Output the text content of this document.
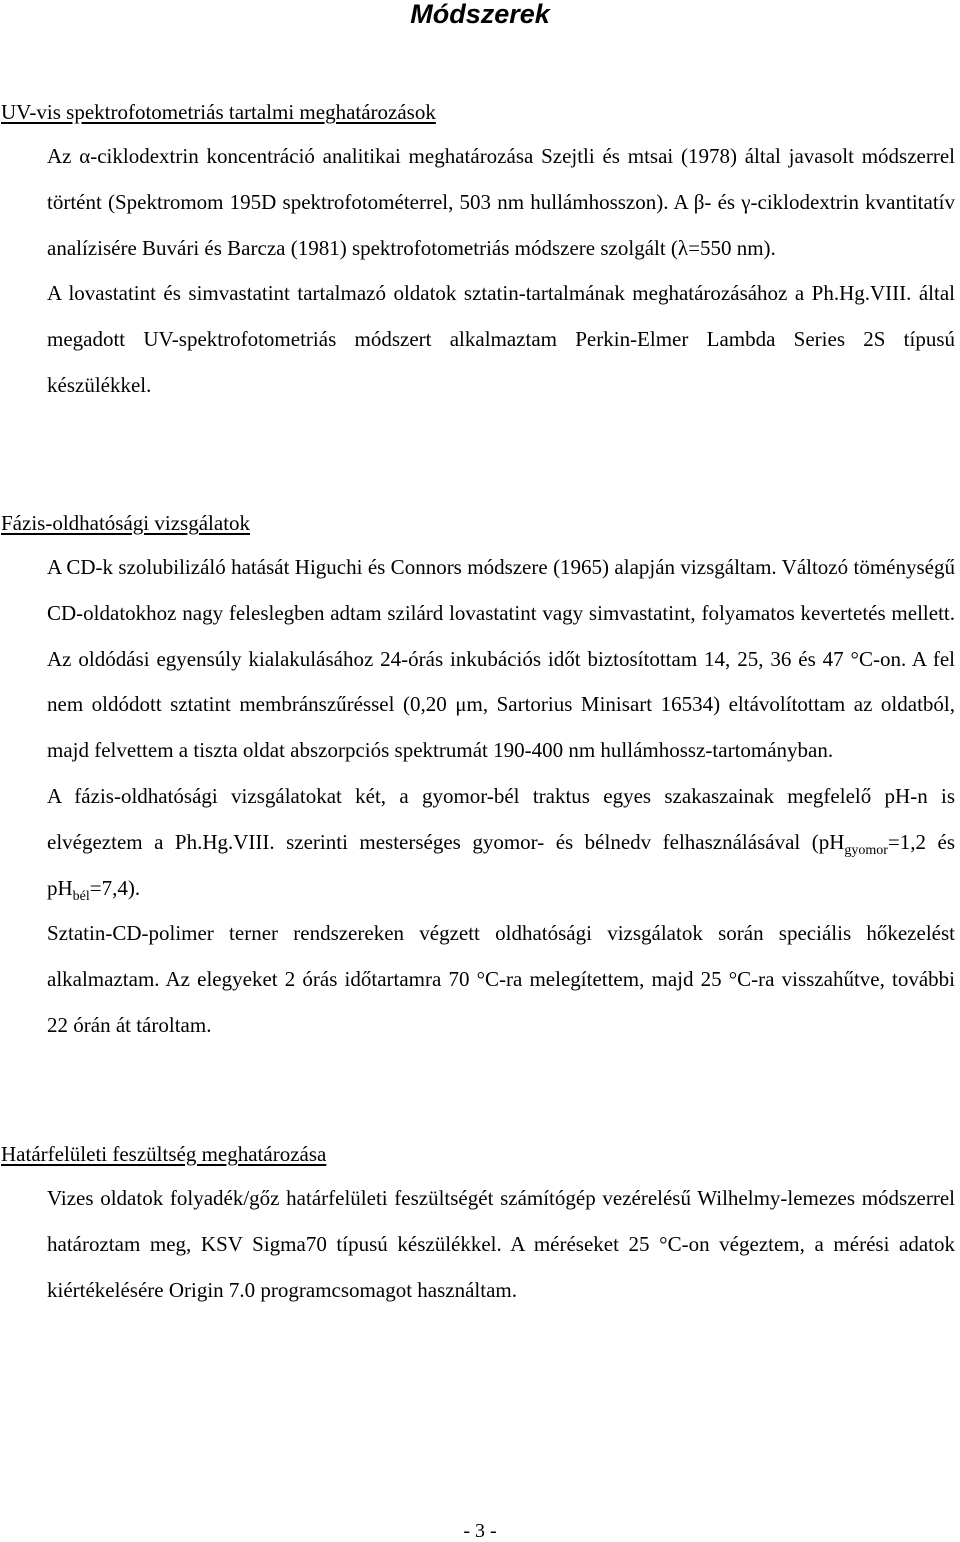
Módszerek
UV-vis spektrofotometriás tartalmi meghatározások

Az α-ciklodextrin koncentráció analitikai meghatározása Szejtli és mtsai (1978) által javasolt módszerrel történt (Spektromom 195D spektrofotométerrel, 503 nm hullámhosszon). A β- és γ-ciklodextrin kvantitatív analízisére Buvári és Barcza (1981) spektrofotometriás módszere szolgált (λ=550 nm).

A lovastatint és simvastatint tartalmazó oldatok sztatin-tartalmának meghatározásához a Ph.Hg.VIII. által megadott UV-spektrofotometriás módszert alkalmaztam Perkin-Elmer Lambda Series 2S típusú készülékkel.

Fázis-oldhatósági vizsgálatok

A CD-k szolubilizáló hatását Higuchi és Connors módszere (1965) alapján vizsgáltam. Változó töménységű CD-oldatokhoz nagy feleslegben adtam szilárd lovastatint vagy simvastatint, folyamatos kevertetés mellett. Az oldódási egyensúly kialakulásához 24-órás inkubációs időt biztosítottam 14, 25, 36 és 47 °C-on. A fel nem oldódott sztatint membránszűréssel (0,20 μm, Sartorius Minisart 16534) eltávolítottam az oldatból, majd felvettem a tiszta oldat abszorpciós spektrumát 190-400 nm hullámhossz-tartományban.

A fázis-oldhatósági vizsgálatokat két, a gyomor-bél traktus egyes szakaszainak megfelelő pH-n is elvégeztem a Ph.Hg.VIII. szerinti mesterséges gyomor- és bélnedv felhasználásával ($pH_{gyomor}=1,2$ és $pH_{bél}=7,4$).

Sztatin-CD-polimer terner rendszereken végzett oldhatósági vizsgálatok során speciális hőkezelést alkalmaztam. Az elegyeket 2 órás időtartamra 70 °C-ra melegítettem, majd 25 °C-ra visszahűtve, további 22 órán át tároltam.

Határfelületi feszültség meghatározása

Vizes oldatok folyadék/gőz határfelületi feszültségét számítógép vezérelésű Wilhelmy-lemezes módszerrel határoztam meg, KSV Sigma70 típusú készülékkel. A méréseket 25 °C-on végeztem, a mérési adatok kiértékelésére Origin 7.0 programcsomagot használtam.

- 3 -
